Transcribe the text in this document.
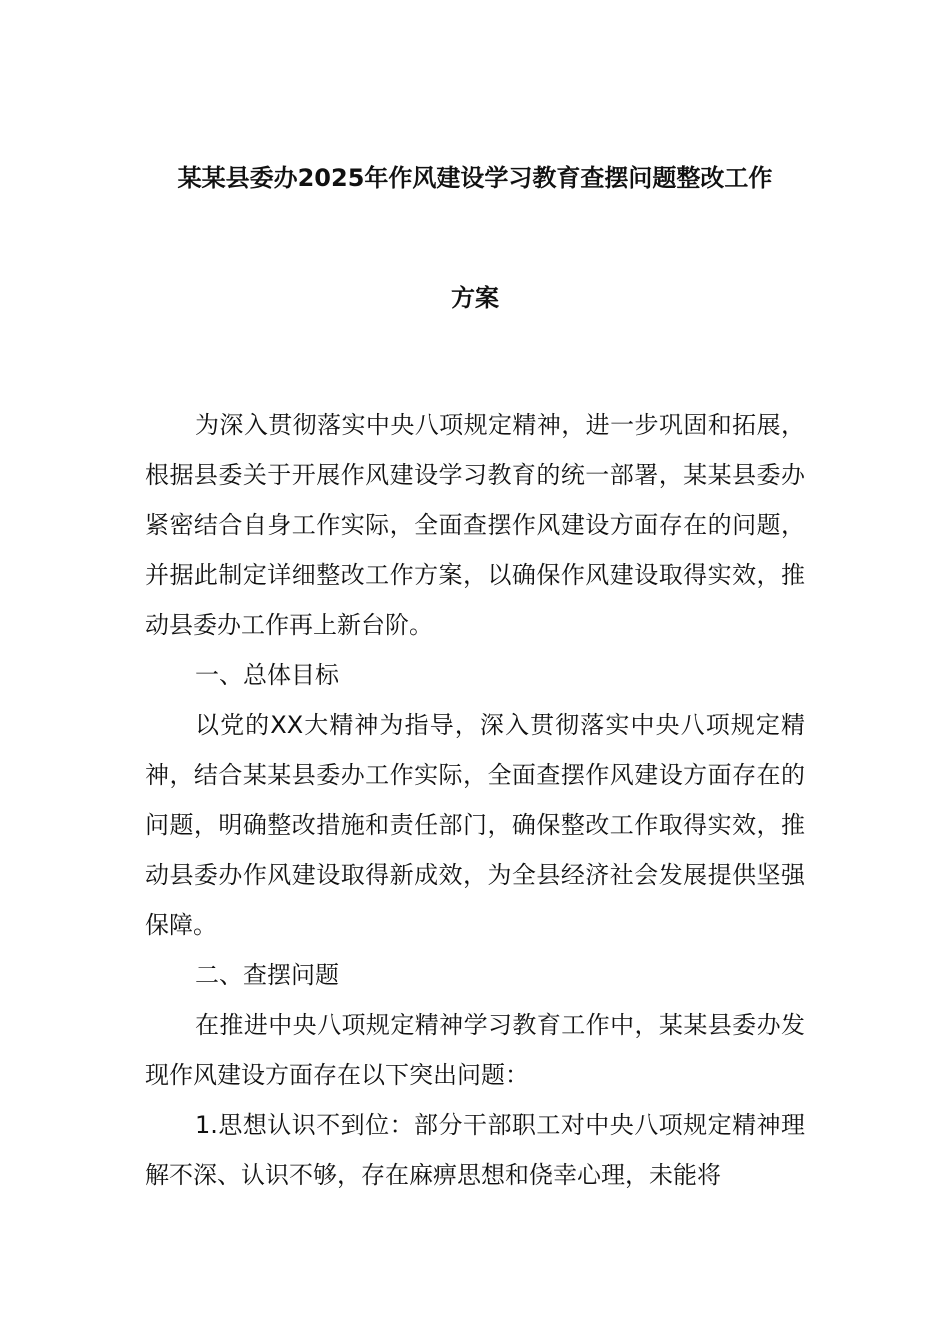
某某县委办2025年作风建设学习教育查摆问题整改工作
方案

为深入贯彻落实中央八项规定精神，进一步巩固和拓展，根据县委关于开展作风建设学习教育的统一部署，某某县委办紧密结合自身工作实际，全面查摆作风建设方面存在的问题，并据此制定详细整改工作方案，以确保作风建设取得实效，推动县委办工作再上新台阶。

一、总体目标

以党的XX大精神为指导，深入贯彻落实中央八项规定精神，结合某某县委办工作实际，全面查摆作风建设方面存在的问题，明确整改措施和责任部门，确保整改工作取得实效，推动县委办作风建设取得新成效，为全县经济社会发展提供坚强保障。

二、查摆问题

在推进中央八项规定精神学习教育工作中，某某县委办发现作风建设方面存在以下突出问题：

1.思想认识不到位：部分干部职工对中央八项规定精神理解不深、认识不够，存在麻痹思想和侥幸心理，未能将
